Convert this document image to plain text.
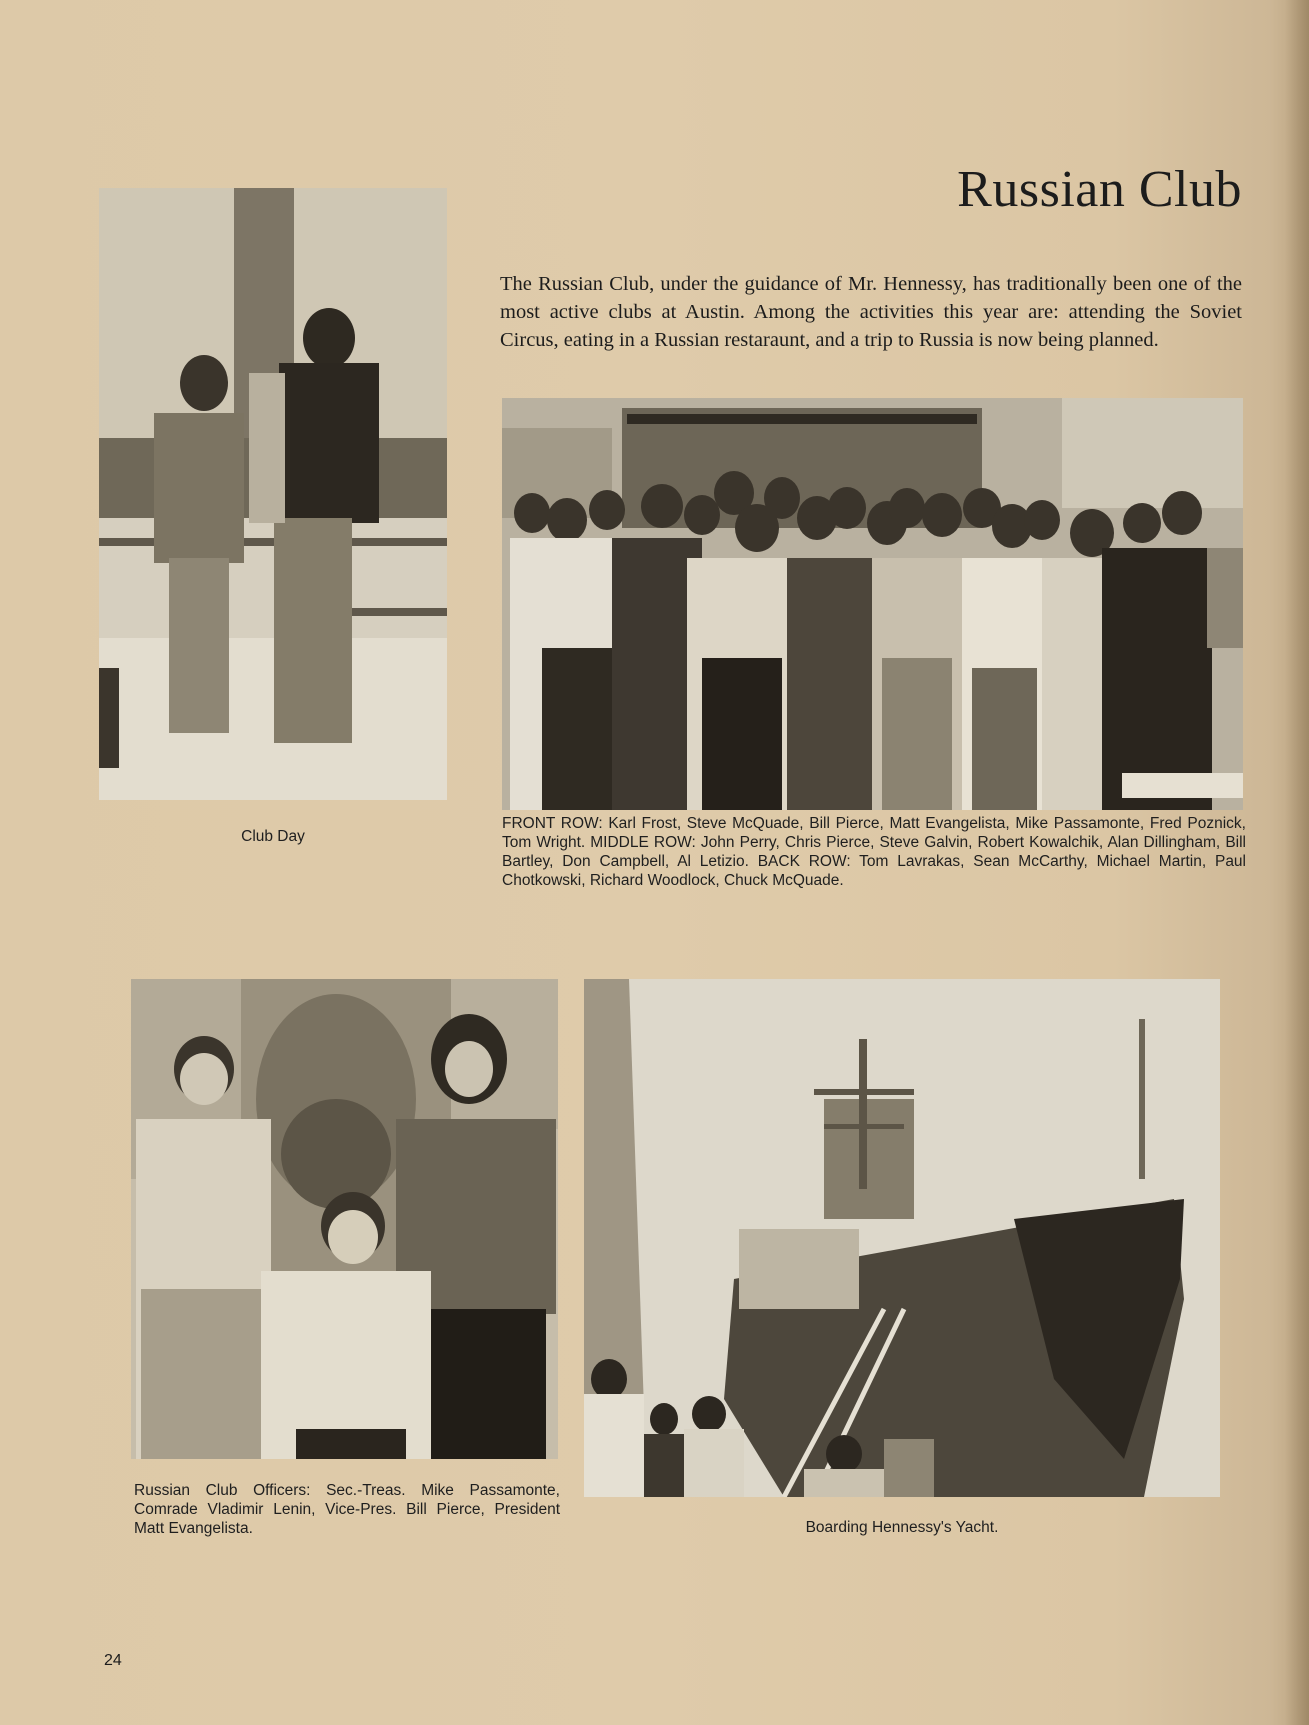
Russian Club

The Russian Club, under the guidance of Mr. Hennessy, has traditionally been one of the most active clubs at Austin. Among the activities this year are: attending the Soviet Circus, eating in a Russian restaraunt, and a trip to Russia is now being planned.

Club Day
FRONT ROW: Karl Frost, Steve McQuade, Bill Pierce, Matt Evangelista, Mike Passamonte, Fred Poznick, Tom Wright. MIDDLE ROW: John Perry, Chris Pierce, Steve Galvin, Robert Kowalchik, Alan Dillingham, Bill Bartley, Don Campbell, Al Letizio. BACK ROW: Tom Lavrakas, Sean McCarthy, Michael Martin, Paul Chotkowski, Richard Woodlock, Chuck McQuade.
Russian Club Officers: Sec.-Treas. Mike Passamonte, Comrade Vladimir Lenin, Vice-Pres. Bill Pierce, President Matt Evangelista.	Boarding Hennessy's Yacht.
24
